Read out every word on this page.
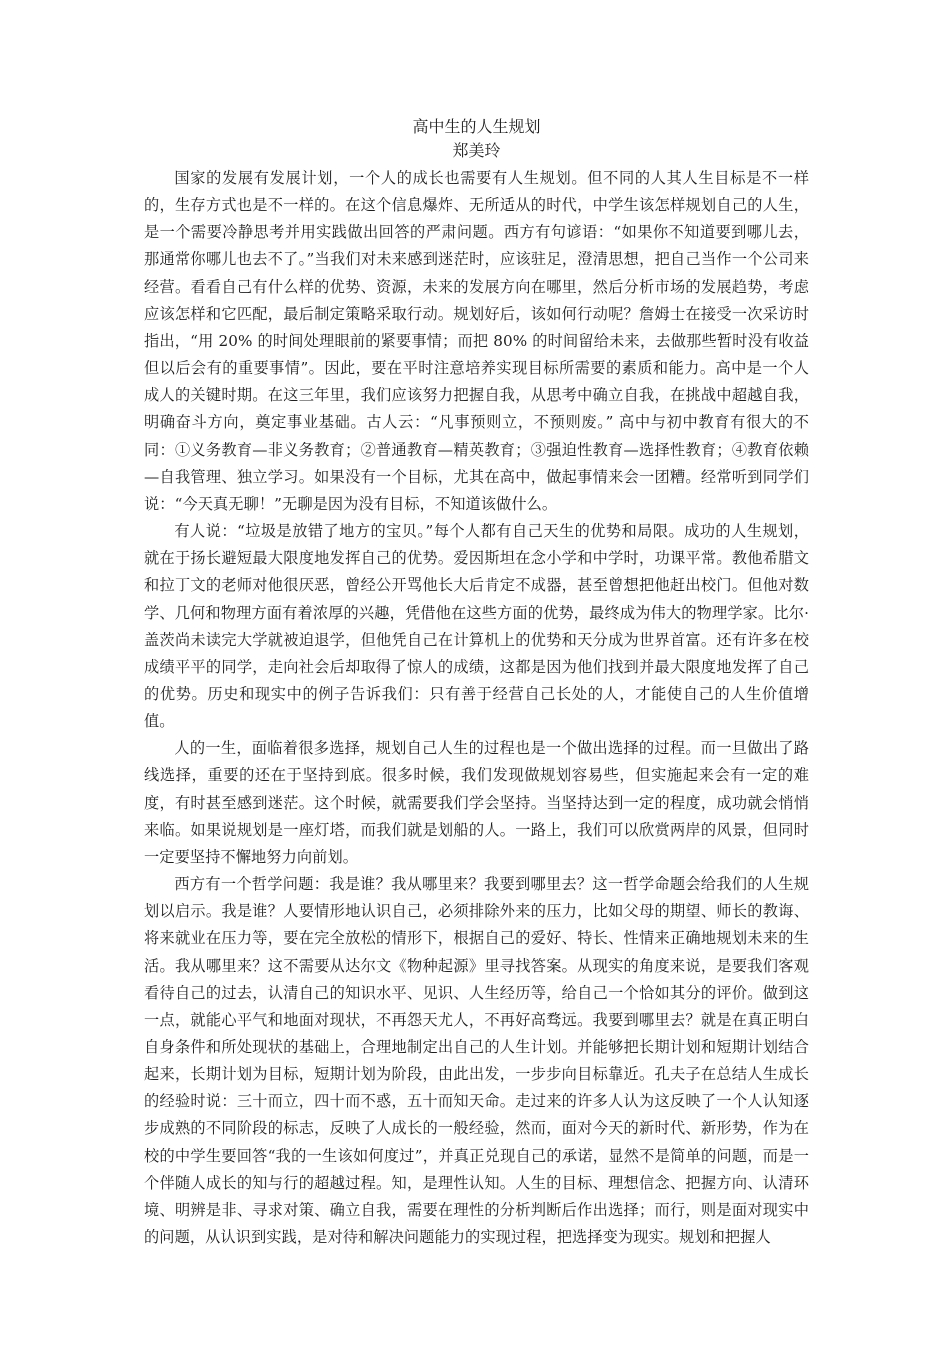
高中生的人生规划

郑美玲

国家的发展有发展计划，一个人的成长也需要有人生规划。但不同的人其人生目标是不一样的，生存方式也是不一样的。在这个信息爆炸、无所适从的时代，中学生该怎样规划自己的人生，是一个需要冷静思考并用实践做出回答的严肃问题。西方有句谚语：“如果你不知道要到哪儿去，那通常你哪儿也去不了。”当我们对未来感到迷茫时，应该驻足，澄清思想，把自己当作一个公司来经营。看看自己有什么样的优势、资源，未来的发展方向在哪里，然后分析市场的发展趋势，考虑应该怎样和它匹配，最后制定策略采取行动。规划好后，该如何行动呢？詹姆士在接受一次采访时指出，“用 20% 的时间处理眼前的紧要事情；而把 80% 的时间留给未来，去做那些暂时没有收益但以后会有的重要事情”。因此，要在平时注意培养实现目标所需要的素质和能力。高中是一个人成人的关键时期。在这三年里，我们应该努力把握自我，从思考中确立自我，在挑战中超越自我，明确奋斗方向，奠定事业基础。古人云：“凡事预则立，不预则废。” 高中与初中教育有很大的不同：①义务教育—非义务教育；②普通教育—精英教育；③强迫性教育—选择性教育；④教育依赖—自我管理、独立学习。如果没有一个目标，尤其在高中，做起事情来会一团糟。经常听到同学们说：“今天真无聊！”无聊是因为没有目标，不知道该做什么。

有人说：“垃圾是放错了地方的宝贝。”每个人都有自己天生的优势和局限。成功的人生规划，就在于扬长避短最大限度地发挥自己的优势。爱因斯坦在念小学和中学时，功课平常。教他希腊文和拉丁文的老师对他很厌恶，曾经公开骂他长大后肯定不成器，甚至曾想把他赶出校门。但他对数学、几何和物理方面有着浓厚的兴趣，凭借他在这些方面的优势，最终成为伟大的物理学家。比尔·盖茨尚未读完大学就被迫退学，但他凭自己在计算机上的优势和天分成为世界首富。还有许多在校成绩平平的同学，走向社会后却取得了惊人的成绩，这都是因为他们找到并最大限度地发挥了自己的优势。历史和现实中的例子告诉我们：只有善于经营自己长处的人，才能使自己的人生价值增值。

人的一生，面临着很多选择，规划自己人生的过程也是一个做出选择的过程。而一旦做出了路线选择，重要的还在于坚持到底。很多时候，我们发现做规划容易些，但实施起来会有一定的难度，有时甚至感到迷茫。这个时候，就需要我们学会坚持。当坚持达到一定的程度，成功就会悄悄来临。如果说规划是一座灯塔，而我们就是划船的人。一路上，我们可以欣赏两岸的风景，但同时一定要坚持不懈地努力向前划。

西方有一个哲学问题：我是谁？我从哪里来？我要到哪里去？这一哲学命题会给我们的人生规划以启示。我是谁？人要情形地认识自己，必须排除外来的压力，比如父母的期望、师长的教诲、将来就业在压力等，要在完全放松的情形下，根据自己的爱好、特长、性情来正确地规划未来的生活。我从哪里来？这不需要从达尔文《物种起源》里寻找答案。从现实的角度来说，是要我们客观看待自己的过去，认清自己的知识水平、见识、人生经历等，给自己一个恰如其分的评价。做到这一点，就能心平气和地面对现状，不再怨天尤人，不再好高骛远。我要到哪里去？就是在真正明白自身条件和所处现状的基础上，合理地制定出自己的人生计划。并能够把长期计划和短期计划结合起来，长期计划为目标，短期计划为阶段，由此出发，一步步向目标靠近。孔夫子在总结人生成长的经验时说：三十而立，四十而不惑，五十而知天命。走过来的许多人认为这反映了一个人认知逐步成熟的不同阶段的标志，反映了人成长的一般经验，然而，面对今天的新时代、新形势，作为在校的中学生要回答“我的一生该如何度过”，并真正兑现自己的承诺，显然不是简单的问题，而是一个伴随人成长的知与行的超越过程。知，是理性认知。人生的目标、理想信念、把握方向、认清环境、明辨是非、寻求对策、确立自我，需要在理性的分析判断后作出选择；而行，则是面对现实中的问题，从认识到实践，是对待和解决问题能力的实现过程，把选择变为现实。规划和把握人
